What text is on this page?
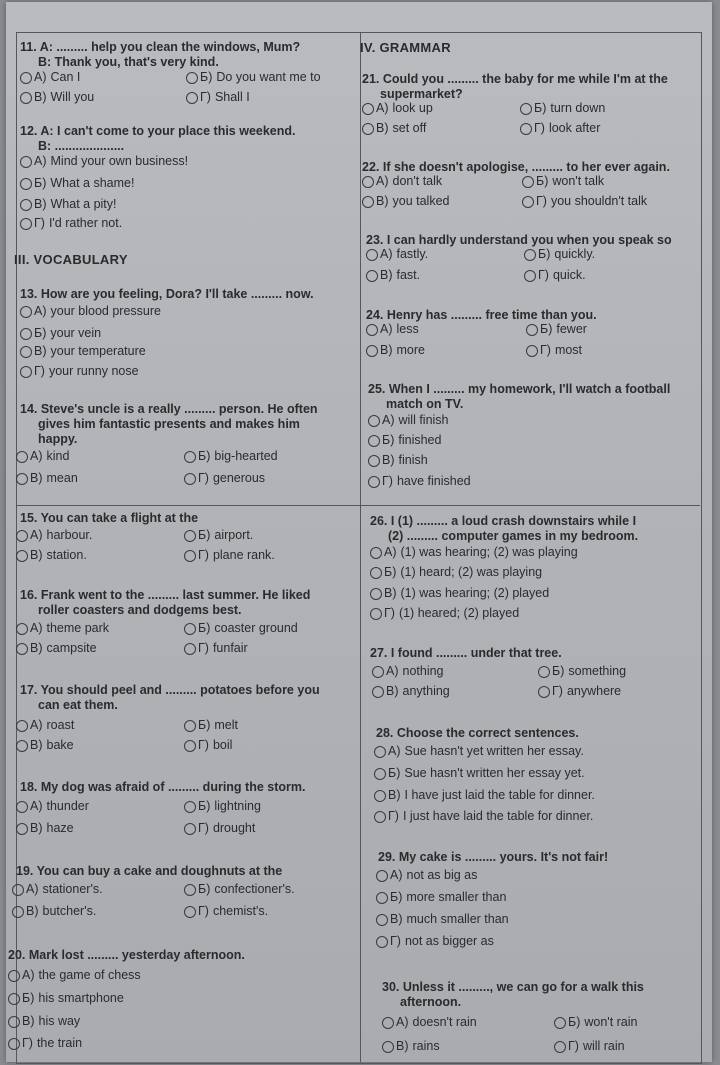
IV. GRAMMAR
III. VOCABULARY
11. A: ......... help you clean the windows, Mum?
B: Thank you, that's very kind.
A) Can I	Б) Do you want me to
В) Will you	Г) Shall I
12. A: I can't come to your place this weekend.
B: ....................
A) Mind your own business!
Б) What a shame!
В) What a pity!
Г) I'd rather not.
13. How are you feeling, Dora? I'll take ......... now.
A) your blood pressure
Б) your vein
В) your temperature
Г) your runny nose
14. Steve's uncle is a really ......... person. He often
gives him fantastic presents and makes him
happy.
A) kind	Б) big-hearted
В) mean	Г) generous
15. You can take a flight at the
A) harbour.	Б) airport.
В) station.	Г) plane rank.
16. Frank went to the ......... last summer. He liked
roller coasters and dodgems best.
A) theme park	Б) coaster ground
В) campsite	Г) funfair
17. You should peel and ......... potatoes before you
can eat them.
A) roast	Б) melt
В) bake	Г) boil
18. My dog was afraid of ......... during the storm.
A) thunder	Б) lightning
В) haze	Г) drought
19. You can buy a cake and doughnuts at the
A) stationer's.	Б) confectioner's.
В) butcher's.	Г) chemist's.
20. Mark lost ......... yesterday afternoon.
A) the game of chess
Б) his smartphone
В) his way
Г) the train
21. Could you ......... the baby for me while I'm at the
supermarket?
A) look up	Б) turn down
В) set off	Г) look after
22. If she doesn't apologise, ......... to her ever again.
A) don't talk	Б) won't talk
В) you talked	Г) you shouldn't talk
23. I can hardly understand you when you speak so
A) fastly.	Б) quickly.
В) fast.	Г) quick.
24. Henry has ......... free time than you.
A) less	Б) fewer
В) more	Г) most
25. When I ......... my homework, I'll watch a football
match on TV.
A) will finish
Б) finished
В) finish
Г) have finished
26. I (1) ......... a loud crash downstairs while I
(2) ......... computer games in my bedroom.
A) (1) was hearing; (2) was playing
Б) (1) heard; (2) was playing
В) (1) was hearing; (2) played
Г) (1) heared; (2) played
27. I found ......... under that tree.
A) nothing	Б) something
В) anything	Г) anywhere
28. Choose the correct sentences.
A) Sue hasn't yet written her essay.
Б) Sue hasn't written her essay yet.
В) I have just laid the table for dinner.
Г) I just have laid the table for dinner.
29. My cake is ......... yours. It's not fair!
A) not as big as
Б) more smaller than
В) much smaller than
Г) not as bigger as
30. Unless it ........., we can go for a walk this
afternoon.
A) doesn't rain	Б) won't rain
В) rains	Г) will rain
